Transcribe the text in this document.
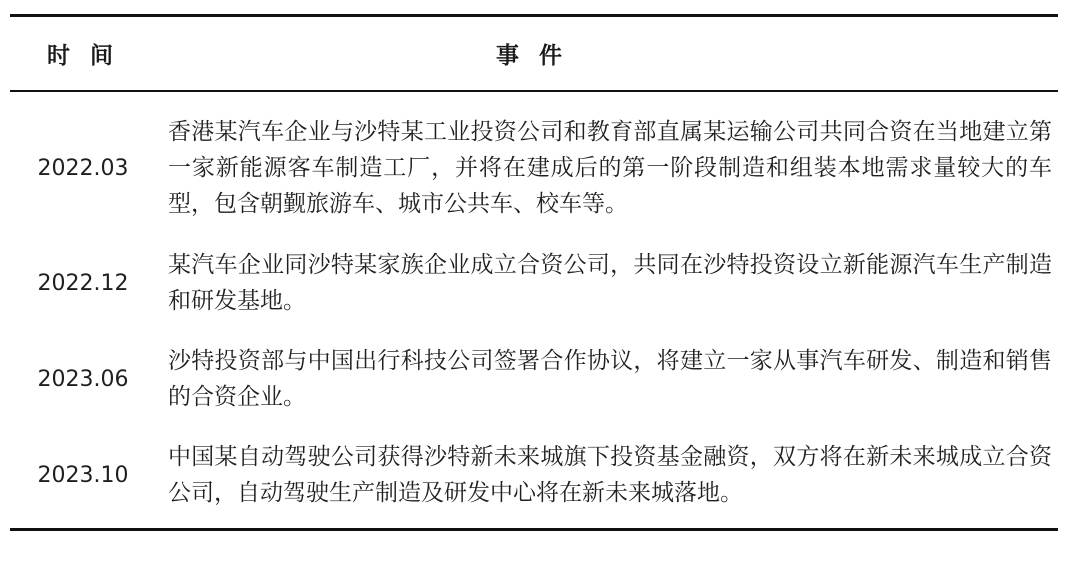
时 间	事 件
2022.03
香港某汽车企业与沙特某工业投资公司和教育部直属某运输公司共同合资在当地建立第一家新能源客车制造工厂，并将在建成后的第一阶段制造和组装本地需求量较大的车型，包含朝觐旅游车、城市公共车、校车等。
2022.12
某汽车企业同沙特某家族企业成立合资公司，共同在沙特投资设立新能源汽车生产制造和研发基地。
2023.06
沙特投资部与中国出行科技公司签署合作协议，将建立一家从事汽车研发、制造和销售的合资企业。
2023.10
中国某自动驾驶公司获得沙特新未来城旗下投资基金融资，双方将在新未来城成立合资公司，自动驾驶生产制造及研发中心将在新未来城落地。
